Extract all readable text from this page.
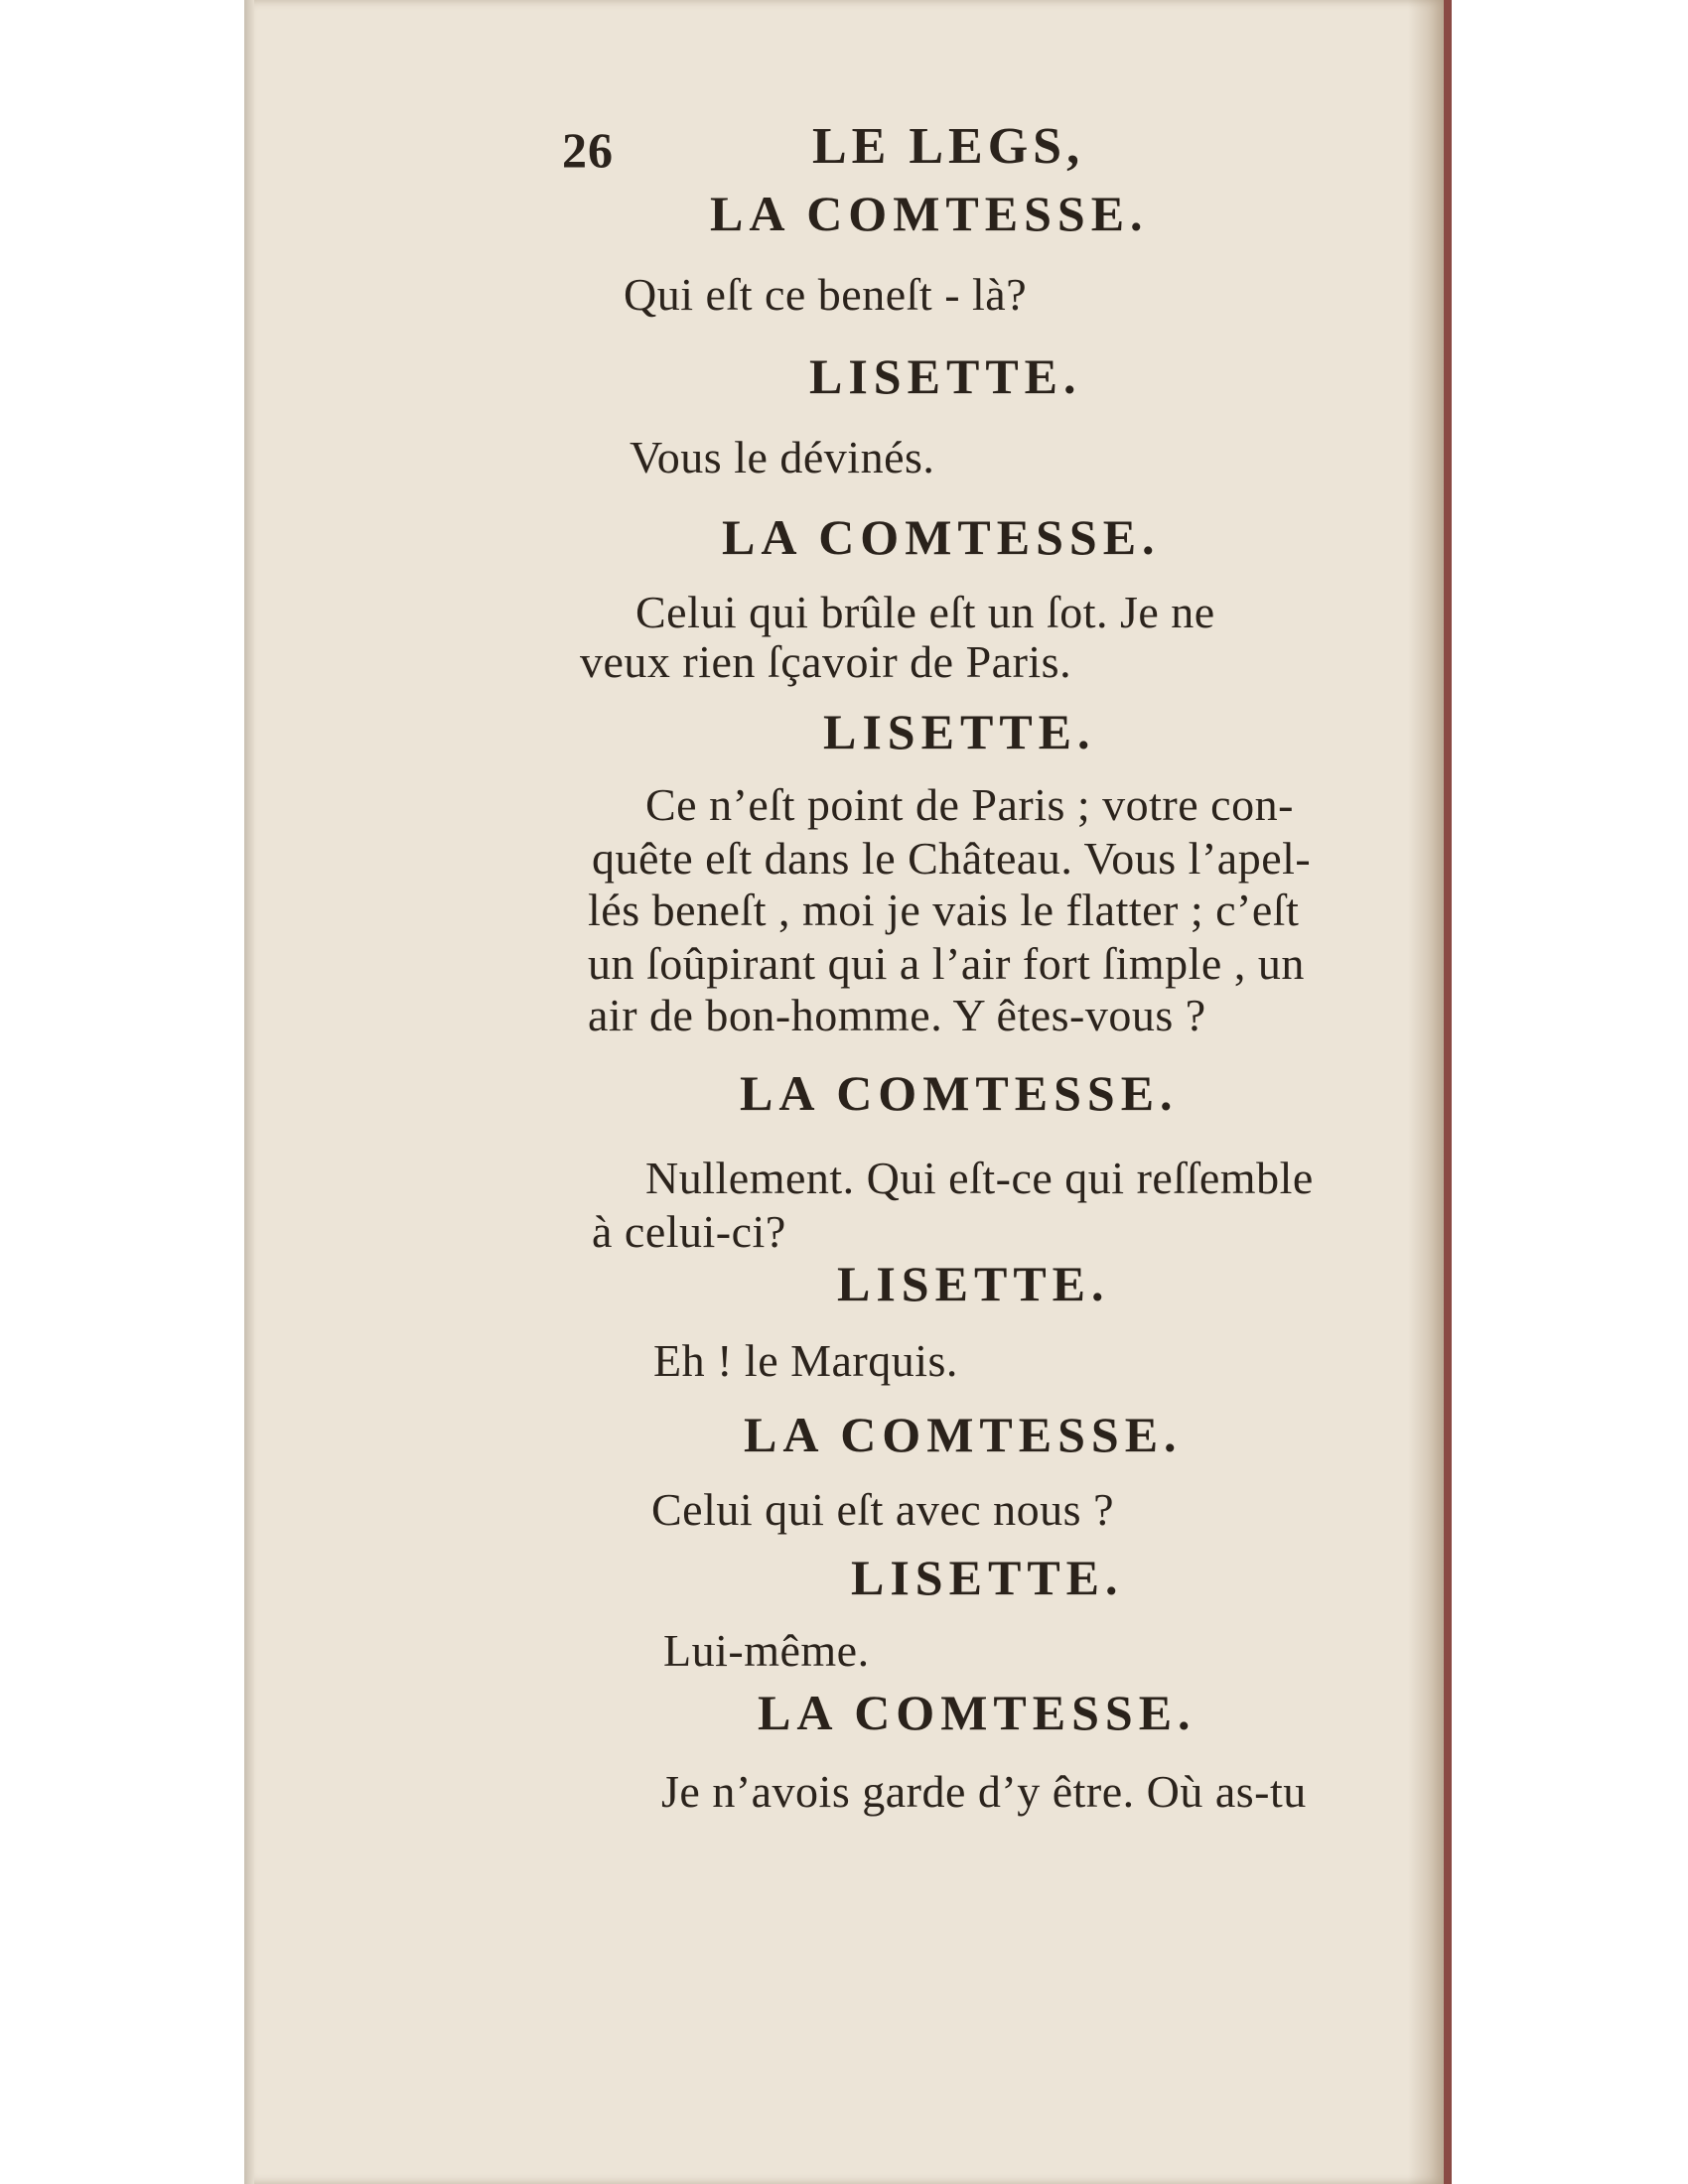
26	LE LEGS,
LA COMTESSE.
Qui eſt ce beneſt - là?
LISETTE.
Vous le dévinés.
LA COMTESSE.
Celui qui brûle eſt un ſot. Je ne
veux rien ſçavoir de Paris.
LISETTE.
Ce n’eſt point de Paris ; votre con-
quête eſt dans le Château. Vous l’apel-
lés beneſt , moi je vais le flatter ; c’eſt
un ſoûpirant qui a l’air fort ſimple , un
air de bon-homme. Y êtes-vous ?
LA COMTESSE.
Nullement. Qui eſt-ce qui reſſemble
à celui-ci?
LISETTE.
Eh ! le Marquis.
LA COMTESSE.
Celui qui eſt avec nous ?
LISETTE.
Lui-même.
LA COMTESSE.
Je n’avois garde d’y être. Où as-tu
